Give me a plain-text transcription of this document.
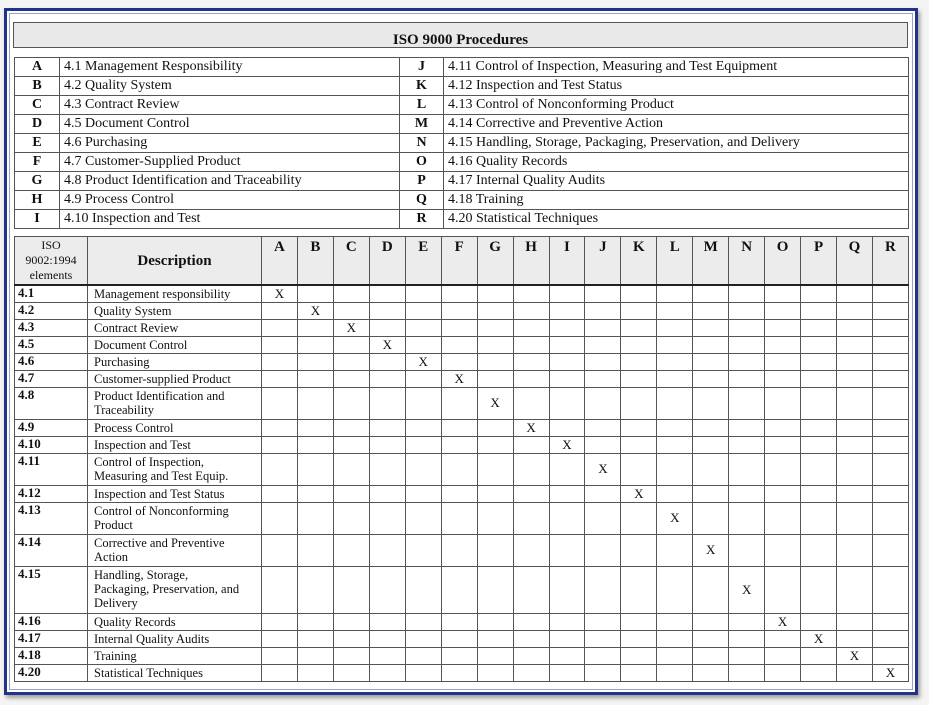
ISO 9000 Procedures
A	4.1 Management Responsibility	J	4.11 Control of Inspection, Measuring and Test Equipment
B	4.2 Quality System	K	4.12 Inspection and Test Status
C	4.3 Contract Review	L	4.13 Control of Nonconforming Product
D	4.5 Document Control	M	4.14 Corrective and Preventive Action
E	4.6 Purchasing	N	4.15 Handling, Storage, Packaging, Preservation, and Delivery
F	4.7 Customer-Supplied Product	O	4.16 Quality Records
G	4.8 Product Identification and Traceability	P	4.17 Internal Quality Audits
H	4.9 Process Control	Q	4.18 Training
I	4.10 Inspection and Test	R	4.20 Statistical Techniques
ISO
9002:1994
elements	Description	A	B	C	D	E	F	G	H	I	J	K	L	M	N	O	P	Q	R
4.1	Management responsibility	X																	
4.2	Quality System		X																
4.3	Contract Review			X															
4.5	Document Control				X														
4.6	Purchasing					X													
4.7	Customer-supplied Product						X												
4.8	Product Identification and
Traceability							X											
4.9	Process Control								X										
4.10	Inspection and Test									X									
4.11	Control of Inspection,
Measuring and Test Equip.										X								
4.12	Inspection and Test Status											X							
4.13	Control of Nonconforming
Product												X						
4.14	Corrective and Preventive
Action													X					
4.15	Handling, Storage,
Packaging, Preservation, and
Delivery														X				
4.16	Quality Records															X			
4.17	Internal Quality Audits																X		
4.18	Training																	X	
4.20	Statistical Techniques																		X
